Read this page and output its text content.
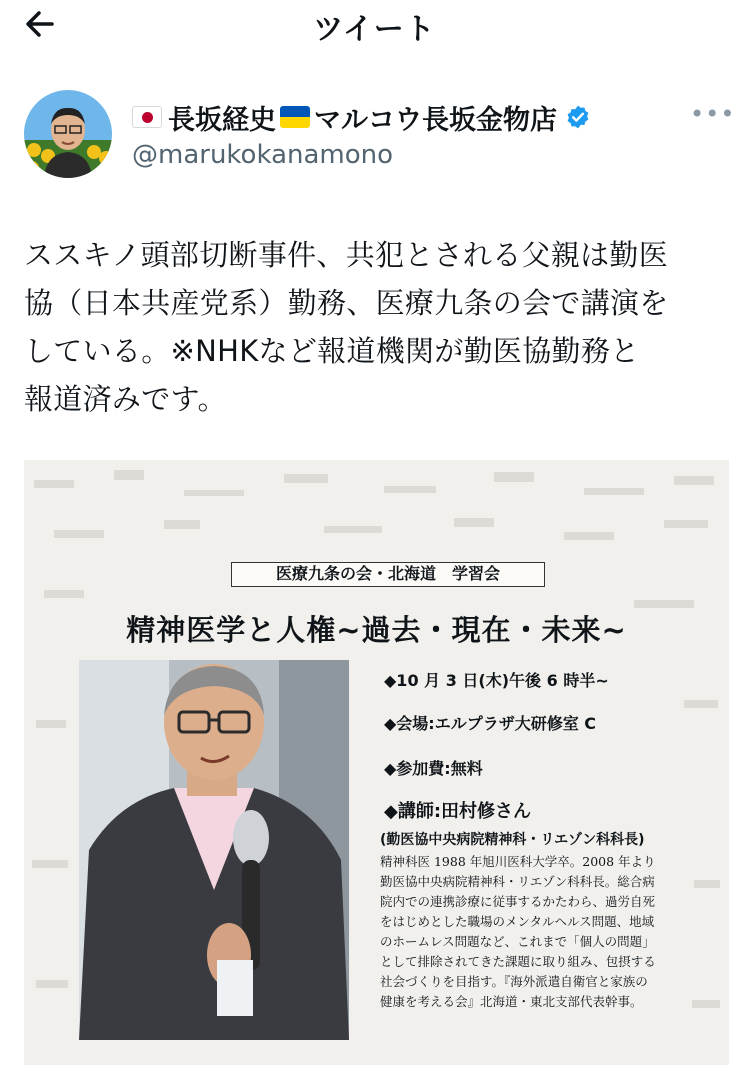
ツイート
長坂経史 マルコウ長坂金物店
@marukokanamono
•••
ススキノ頭部切断事件、共犯とされる父親は勤医
協（日本共産党系）勤務、医療九条の会で講演を
している。※NHKなど報道機関が勤医協勤務と
報道済みです。
医療九条の会・北海道　学習会
精神医学と人権~過去・現在・未来~
◆10 月 3 日(木)午後 6 時半~
◆会場:エルプラザ大研修室 C
◆参加費:無料
◆講師:田村修さん
(勤医協中央病院精神科・リエゾン科科長)
精神科医 1988 年旭川医科大学卒。2008 年より
勤医協中央病院精神科・リエゾン科科長。総合病
院内での連携診療に従事するかたわら、過労自死
をはじめとした職場のメンタルヘルス問題、地域
のホームレス問題など、これまで「個人の問題」
として排除されてきた課題に取り組み、包摂する
社会づくりを目指す。『海外派遣自衛官と家族の
健康を考える会』北海道・東北支部代表幹事。
